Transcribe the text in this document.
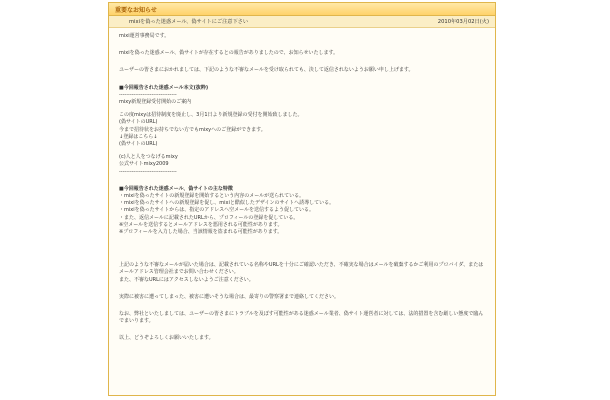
重要なお知らせ
mixiを偽った迷惑メール、偽サイトにご注意下さい	2010年03月02日(火)

mixi運営事務局です。

mixiを偽った迷惑メール、偽サイトが存在するとの報告がありましたので、お知らせいたします。

ユーザーの皆さまにおかれましては、下記のような不審なメールを受け取られても、決して返信されないようお願い申し上げます。

■今回報告された迷惑メール本文(抜粋)

--------------------------------

mixy新規登録受付開始のご案内

この度mixyは招待制度を廃止し、3月1日より新規登録の受付を開始致しました。
(偽サイトのURL)
今まで招待状をお持ちでない方でもmixyへのご登録ができます。
↓登録はこちら↓
(偽サイトのURL)

(c)人と人をつなげるmixy
公式サイトmixy2009

--------------------------------

■今回報告された迷惑メール、偽サイトの主な特徴

・mixiを偽ったサイトの新規登録を開始するという内容のメールが送られている。
・mixiを偽ったサイトへの新規登録を促し、mixiと酷似したデザインのサイトへ誘導している。
・mixiを偽ったサイトからは、指定のアドレスへ空メールを送信するよう促している。
・また、返信メールに記載されたURLから、プロフィールの登録を促している。
※空メールを送信するとメールアドレスを悪用される可能性があります。
※プロフィールを入力した場合、当該情報を盗まれる可能性があります。

上記のような不審なメールが届いた場合は、記載されている名称やURLを十分にご確認いただき、不確実な場合はメールを破棄するかご利用のプロバイダ、またはメールアドレス管理会社までお問い合わせください。
また、不審なURLにはアクセスしないようご注意ください。

実際に被害に遭ってしまった、被害に遭いそうな場合は、最寄りの警察署まで連絡してください。

なお、弊社といたしましては、ユーザーの皆さまにトラブルを及ぼす可能性がある迷惑メール業者、偽サイト運営者に対しては、法的措置を含む厳しい態度で臨んでまいります。

以上、どうぞよろしくお願いいたします。
